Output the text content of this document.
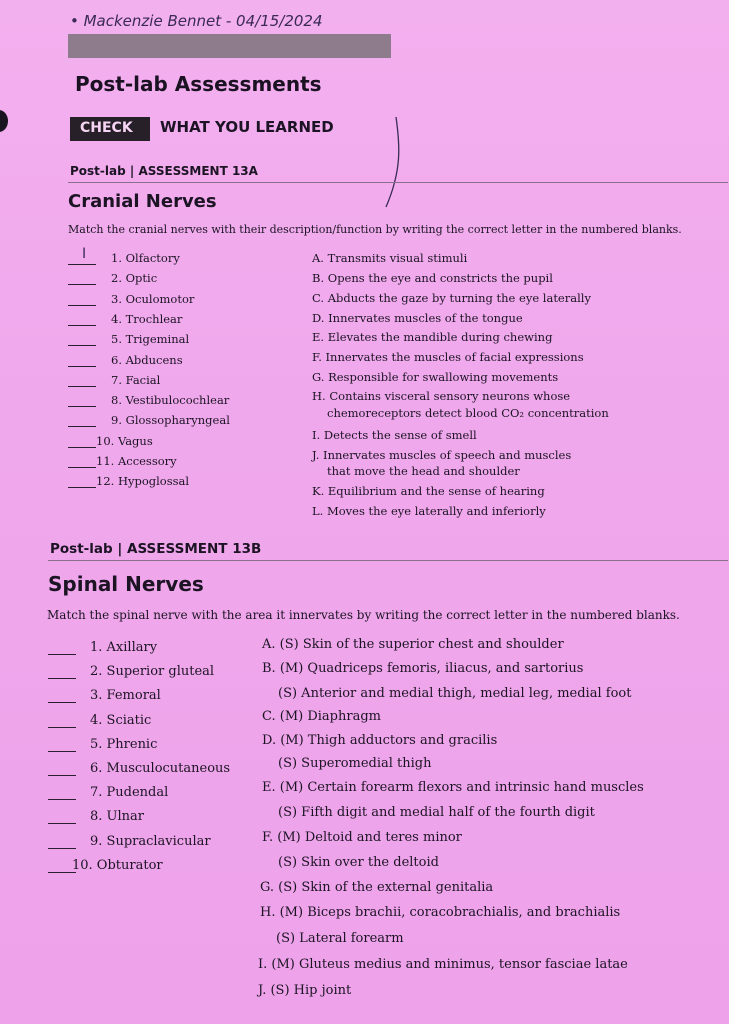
• Mackenzie Bennet - 04/15/2024
Post-lab Assessments
CHECK WHAT YOU LEARNED
Post-lab | ASSESSMENT 13A
Cranial Nerves
Match the cranial nerves with their description/function by writing the correct letter in the numbered blanks.
1. Olfactory
2. Optic
3. Oculomotor
4. Trochlear
5. Trigeminal
6. Abducens
7. Facial
8. Vestibulocochlear
9. Glossopharyngeal
10. Vagus
11. Accessory
12. Hypoglossal
A. Transmits visual stimuli
B. Opens the eye and constricts the pupil
C. Abducts the gaze by turning the eye laterally
D. Innervates muscles of the tongue
E. Elevates the mandible during chewing
F. Innervates the muscles of facial expressions
G. Responsible for swallowing movements
H. Contains visceral sensory neurons whose
chemoreceptors detect blood CO₂ concentration
I. Detects the sense of smell
J. Innervates muscles of speech and muscles
that move the head and shoulder
K. Equilibrium and the sense of hearing
L. Moves the eye laterally and inferiorly
I
Post-lab | ASSESSMENT 13B
Spinal Nerves
Match the spinal nerve with the area it innervates by writing the correct letter in the numbered blanks.
1. Axillary
2. Superior gluteal
3. Femoral
4. Sciatic
5. Phrenic
6. Musculocutaneous
7. Pudendal
8. Ulnar
9. Supraclavicular
10. Obturator
A. (S) Skin of the superior chest and shoulder
B. (M) Quadriceps femoris, iliacus, and sartorius
(S) Anterior and medial thigh, medial leg, medial foot
C. (M) Diaphragm
D. (M) Thigh adductors and gracilis
(S) Superomedial thigh
E. (M) Certain forearm flexors and intrinsic hand muscles
(S) Fifth digit and medial half of the fourth digit
F. (M) Deltoid and teres minor
(S) Skin over the deltoid
G. (S) Skin of the external genitalia
H. (M) Biceps brachii, coracobrachialis, and brachialis
(S) Lateral forearm
I. (M) Gluteus medius and minimus, tensor fasciae latae
J. (S) Hip joint
